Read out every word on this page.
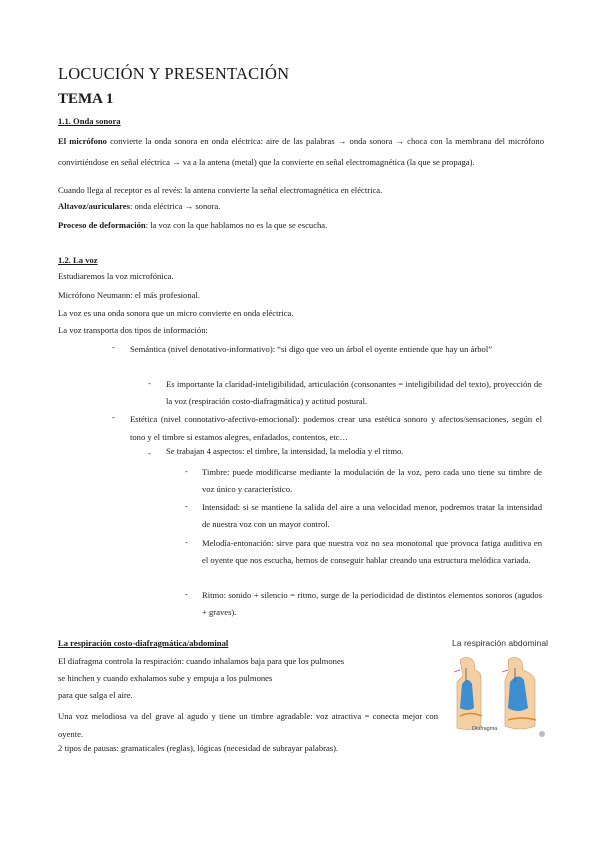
LOCUCIÓN Y PRESENTACIÓN
TEMA 1
1.1. Onda sonora
El micrófono convierte la onda sonora en onda eléctrica: aire de las palabras → onda sonora → choca con la membrana del micrófono convirtiéndose en señal eléctrica → va a la antena (metal) que la convierte en señal electromagnética (la que se propaga).
Cuando llega al receptor es al revés: la antena convierte la señal electromagnética en eléctrica.
Altavoz/auriculares: onda eléctrica → sonora.
Proceso de deformación: la voz con la que hablamos no es la que se escucha.
1.2. La voz
Estudiaremos la voz microfónica.
Micrófono Neumann: el más profesional.
La voz es una onda sonora que un micro convierte en onda eléctrica.
La voz transporta dos tipos de información:
- Semántica (nivel denotativo-informativo): “si digo que veo un árbol el oyente entiende que hay un árbol”
- Es importante la claridad-inteligibilidad, articulación (consonantes = inteligibilidad del texto), proyección de la voz (respiración costo-diafragmática) y actitud postural.
- Estética (nivel connotativo-afectivo-emocional): podemos crear una estética sonoro y afectos/sensaciones, según el tono y el timbre si estamos alegres, enfadados, contentos, etc…
- Se trabajan 4 aspectos: el timbre, la intensidad, la melodía y el ritmo.
- Timbre: puede modificarse mediante la modulación de la voz, pero cada uno tiene su timbre de voz único y característico.
- Intensidad: si se mantiene la salida del aire a una velocidad menor, podremos tratar la intensidad de nuestra voz con un mayor control.
- Melodía-entonación: sirve para que nuestra voz no sea monotonal que provoca fatiga auditiva en el oyente que nos escucha, hemos de conseguir hablar creando una estructura melódica variada.
- Ritmo: sonido + silencio = ritmo, surge de la periodicidad de distintos elementos sonoros (agudos + graves).
La respiración costo-diafragmática/abdominal
El diafragma controla la respiración: cuando inhalamos baja para que los pulmones
se hinchen y cuando exhalamos sube y empuja a los pulmones
para que salga el aire.
Una voz melodiosa va del grave al agudo y tiene un timbre agradable: voz atractiva = conecta mejor con oyente.
2 tipos de pausas: gramaticales (reglas), lógicas (necesidad de subrayar palabras).
La respiración abdominal
Diafragma
